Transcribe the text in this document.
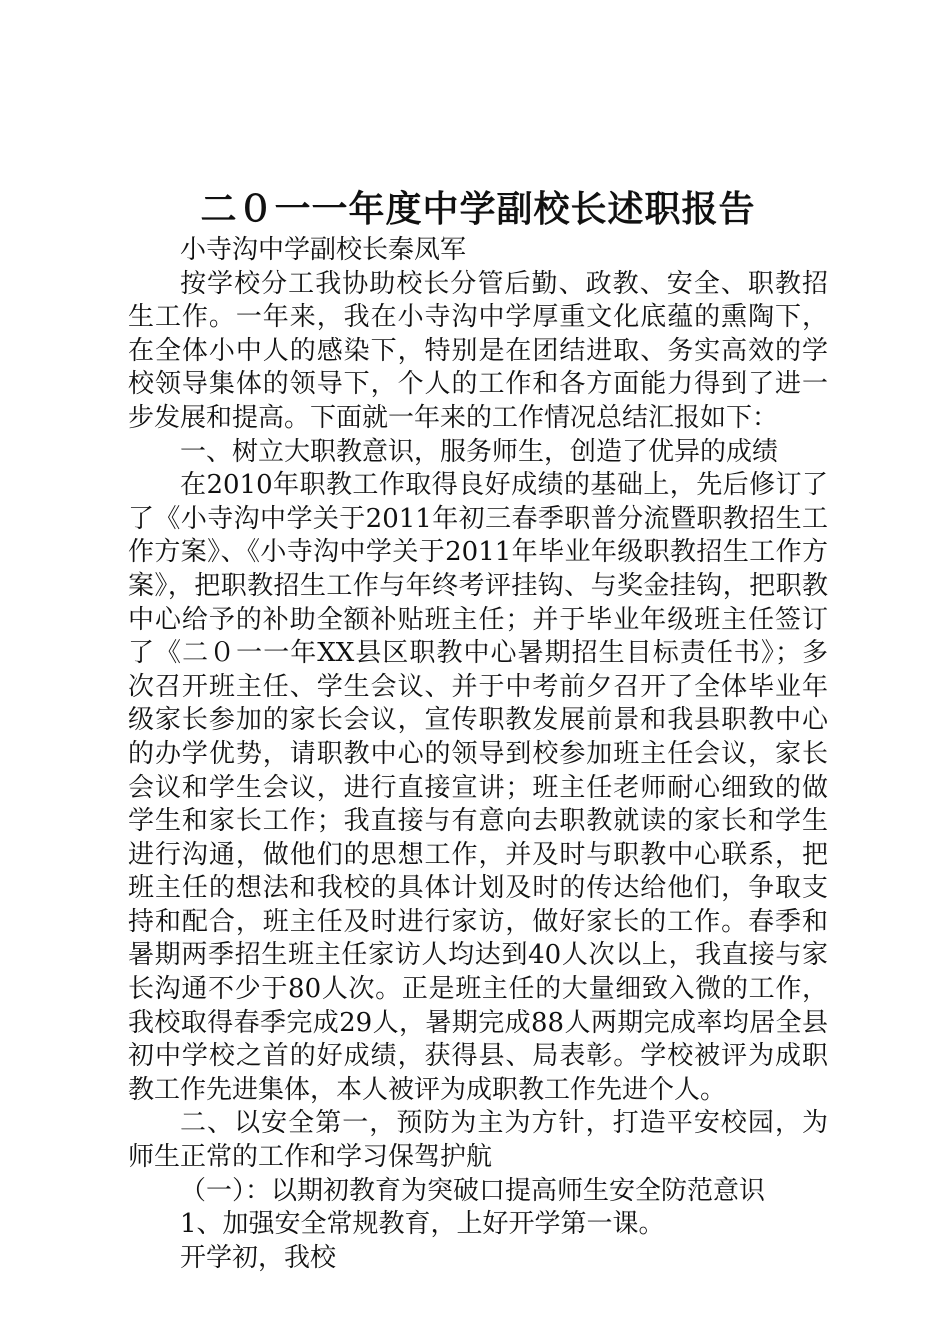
二０一一年度中学副校长述职报告

小寺沟中学副校长秦凤军

按学校分工我协助校长分管后勤、政教、安全、职教招生工作。一年来，我在小寺沟中学厚重文化底蕴的熏陶下，在全体小中人的感染下，特别是在团结进取、务实高效的学校领导集体的领导下，个人的工作和各方面能力得到了进一步发展和提高。下面就一年来的工作情况总结汇报如下：

一、树立大职教意识，服务师生，创造了优异的成绩

在2010年职教工作取得良好成绩的基础上，先后修订了了《小寺沟中学关于2011年初三春季职普分流暨职教招生工作方案》、《小寺沟中学关于2011年毕业年级职教招生工作方案》，把职教招生工作与年终考评挂钩、与奖金挂钩，把职教中心给予的补助全额补贴班主任；并于毕业年级班主任签订了《二０一一年XX县区职教中心暑期招生目标责任书》；多次召开班主任、学生会议、并于中考前夕召开了全体毕业年级家长参加的家长会议，宣传职教发展前景和我县职教中心的办学优势，请职教中心的领导到校参加班主任会议，家长会议和学生会议，进行直接宣讲；班主任老师耐心细致的做学生和家长工作；我直接与有意向去职教就读的家长和学生进行沟通，做他们的思想工作，并及时与职教中心联系，把班主任的想法和我校的具体计划及时的传达给他们，争取支持和配合，班主任及时进行家访，做好家长的工作。春季和暑期两季招生班主任家访人均达到40人次以上，我直接与家长沟通不少于80人次。正是班主任的大量细致入微的工作，我校取得春季完成29人，暑期完成88人两期完成率均居全县初中学校之首的好成绩，获得县、局表彰。学校被评为成职教工作先进集体，本人被评为成职教工作先进个人。

二、以安全第一，预防为主为方针，打造平安校园，为师生正常的工作和学习保驾护航

（一）：以期初教育为突破口提高师生安全防范意识

1、加强安全常规教育，上好开学第一课。

开学初，我校
